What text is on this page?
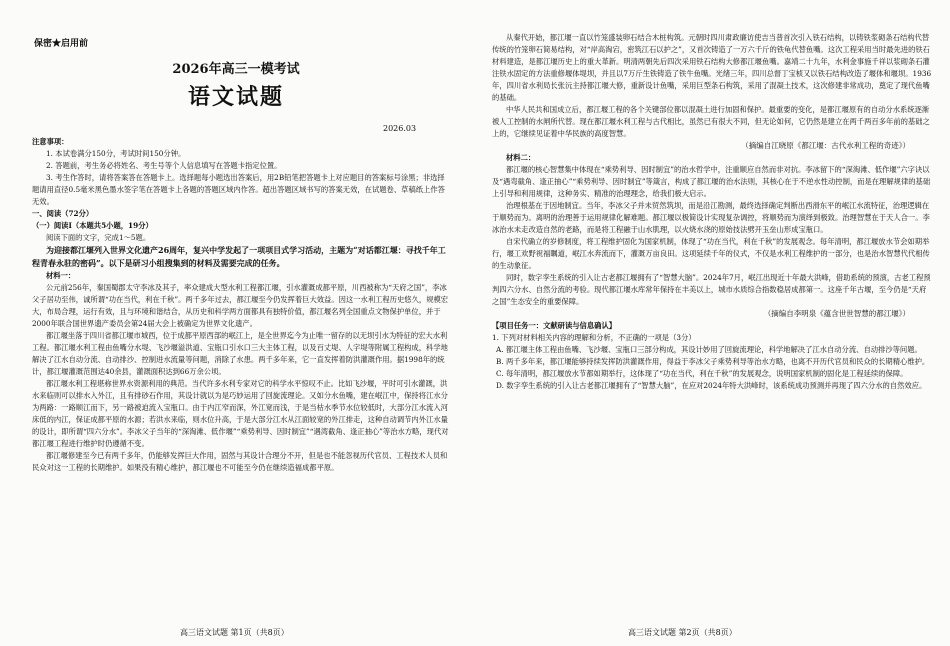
保密★启用前
2026年高三一模考试
语文试题
2026.03

注意事项：

1. 本试卷满分150分，考试时间150分钟。

2. 答题前，考生务必将姓名、考生号等个人信息填写在答题卡指定位置。

3. 考生作答时，请将答案答在答题卡上。选择题每小题选出答案后，用2B铅笔把答题卡上对应题目的答案标号涂黑；非选择题请用直径0.5毫米黑色墨水签字笔在答题卡上各题的答题区域内作答。超出答题区域书写的答案无效，在试题卷、草稿纸上作答无效。

一、阅读（72分）

（一）阅读Ⅰ（本题共5小题，19分）

阅读下面的文字，完成1～5题。

为迎接都江堰列入世界文化遗产26周年，复兴中学发起了一项项目式学习活动，主题为“对话都江堰：寻找千年工程青春永驻的密码”。以下是研习小组搜集到的材料及需要完成的任务。

材料一：

公元前256年，秦国蜀郡太守李冰及其子，率众建成大型水利工程都江堰，引水灌溉成都平原，川西被称为“天府之国”，李冰父子居功至伟，诚所谓“功在当代，利在千秋”。两千多年过去，都江堰至今仍发挥着巨大效益。因这一水利工程历史悠久，规模宏大，布局合理，运行有效，且与环境和谐结合，从历史和科学两方面都具有独特价值，都江堰名列全国重点文物保护单位，并于2000年联合国世界遗产委员会第24届大会上被确定为世界文化遗产。

都江堰坐落于四川省都江堰市城西，位于成都平原西部的岷江上，是全世界迄今为止唯一留存的以无坝引水为特征的宏大水利工程。都江堰水利工程由鱼嘴分水堤、飞沙堰溢洪道、宝瓶口引水口三大主体工程，以及百丈堤、人字堤等附属工程构成，科学地解决了江水自动分流、自动排沙、控制进水流量等问题，消除了水患。两千多年来，它一直发挥着防洪灌溉作用。据1998年的统计，都江堰灌溉范围达40余县，灌溉面积达到66万余公顷。

都江堰水利工程堪称世界水资源利用的典范。当代许多水利专家对它的科学水平惊叹不止。比如飞沙堰，平时可引水灌溉，洪水来临则可以排水入外江，且有排砂石作用，其设计就以为是巧妙运用了回旋流理论。又如分水鱼嘴，建在岷江中，保持将江水分为两路：一路顺江而下，另一路被迫流入宝瓶口。由于内江窄而深，外江宽而浅，于是当枯水季节水位较低时，大部分江水流入河床低的内江，保证成都平原的水源；若洪水来临，则水位升高，于是大部分江水从江面较宽的外江排走，这种自动调节内外江水量的设计，即所谓“四六分水”。李冰父子当年的“深淘滩、低作堰”“乘势利导、因时制宜”“遇湾截角、逢正抽心”等治水方略，现代对都江堰工程进行维护时仍遵循不变。

都江堰修建至今已有两千多年，仍能够发挥巨大作用，固然与其设计合理分不开，但是也不能忽视历代官员、工程技术人员和民众对这一工程的长期维护。如果没有精心维护，都江堰也不可能至今仍在继续造福成都平原。

高三语文试题 第1页（共8页）

从秦代开始，都江堰一直以竹笼盛装卵石结合木桩构筑。元朝时四川肃政廉访使吉当普首次引入铁石结构，以铸铁浆砌条石结构代替传统的竹笼卵石简易结构，对“岸高淘宕，密筑江石以护之”，又首次铸造了一万六千斤的铁龟代替鱼嘴。这次工程采用当时最先进的铁石材料建造，是都江堰历史上的重大革新。明清两朝先后四次采用铁石结构大修都江堰鱼嘴。嘉靖二十九年，水利金事施千祥以浆砌条石灌注铁水固定的方法重修堰体堤坝，并且以7万斤生铁铸造了铁牛鱼嘴。光绪三年，四川总督丁宝桢又以铁石结构改造了堰体和堰坝。1936年，四川省水利局长张沅主持都江堰大修，重新设计鱼嘴，采用巨型条石构筑，采用了混凝土技术，这次修建非常成功，奠定了现代鱼嘴的基础。

中华人民共和国成立后，都江堰工程的各个关键部位都以混凝土进行加固和保护。最重要的变化，是都江堰原有的自动分水系统逐渐被人工控制的水闸所代替。现在都江堰水利工程与古代相比，虽然已有很大不同，但无论如何，它仍然是建立在两千两百多年前的基础之上的，它继续见证着中华民族的高度智慧。

（摘编自江晓原《都江堰：古代水利工程的奇迹》）

材料二：

都江堰的核心智慧集中体现在“乘势利导、因时制宜”的治水哲学中，注重顺应自然而非对抗。李冰留下的“深淘滩、低作堰”六字诀以及“遇弯截角、逢正抽心”“乘势利导、因时制宜”等箴言，构成了都江堰的治水法则，其核心在于不逆水性动控制，而是在理解规律的基础上引导和利用规律，这种务实、精准的治理理念，给我们极大启示。

治理根基在于因地制宜。当年，李冰父子并未贸然筑坝，而是沿江勘测，最终选择确定判断出西滑东平的岷江水流特征，治理逻辑在于顺势而为。离明的治理善于运用规律化解难题。都江堰以极简设计实现复杂调控，将顺势而为演绎到极致。治理智慧在于天人合一。李冰治水未走改造自然的老路，而是将工程融于山水肌理，以火烧水浇的原始技法劈开玉垒山形成宝瓶口。

自宋代确立的岁修制度，将工程维护固化为国家机制，体现了“功在当代，利在千秋”的发展观念。每年清明，都江堰放水节会如期举行，堰工欢野祝福瞩道，岷江水奔流而下，灌溉万亩良田。这项延续千年的仪式，不仅是水利工程维护的一部分，也是治水智慧代代相传的生动象征。

同时，数字孪生系统的引入让古老都江堰拥有了“智慧大脑”。2024年7月，岷江出现近十年最大洪峰，借助系统的预演，古老工程预判四六分水、自然分流的考验。现代都江堰水库常年保持在丰美以上，城市水质综合指数稳居成都第一。这座千年古堰，至今仍是“天府之国”生态安全的重要保障。

（摘编自李明泉《蕴含世世智慧的都江堰》）

【项目任务一：文献研读与信息确认】

1. 下列对材料相关内容的理解和分析，不正确的一项是（3分）

A. 都江堰主体工程由鱼嘴、飞沙堰、宝瓶口三部分构成，其设计妙用了回旋流理论，科学地解决了江水自动分流、自动排沙等问题。

B. 两千多年来，都江堰能够持续发挥防洪灌溉作用，得益于李冰父子乘势利导等治水方略，也离不开历代官员和民众的长期精心维护。

C. 每年清明，都江堰放水节都如期举行，这体现了“功在当代，利在千秋”的发展观念，说明国家机制的固化是工程延续的保障。

D. 数字孪生系统的引入让古老都江堰拥有了“智慧大脑”，在应对2024年特大洪峰时，该系统成功预测并再现了四六分水的自然效应。

高三语文试题 第2页（共8页）
